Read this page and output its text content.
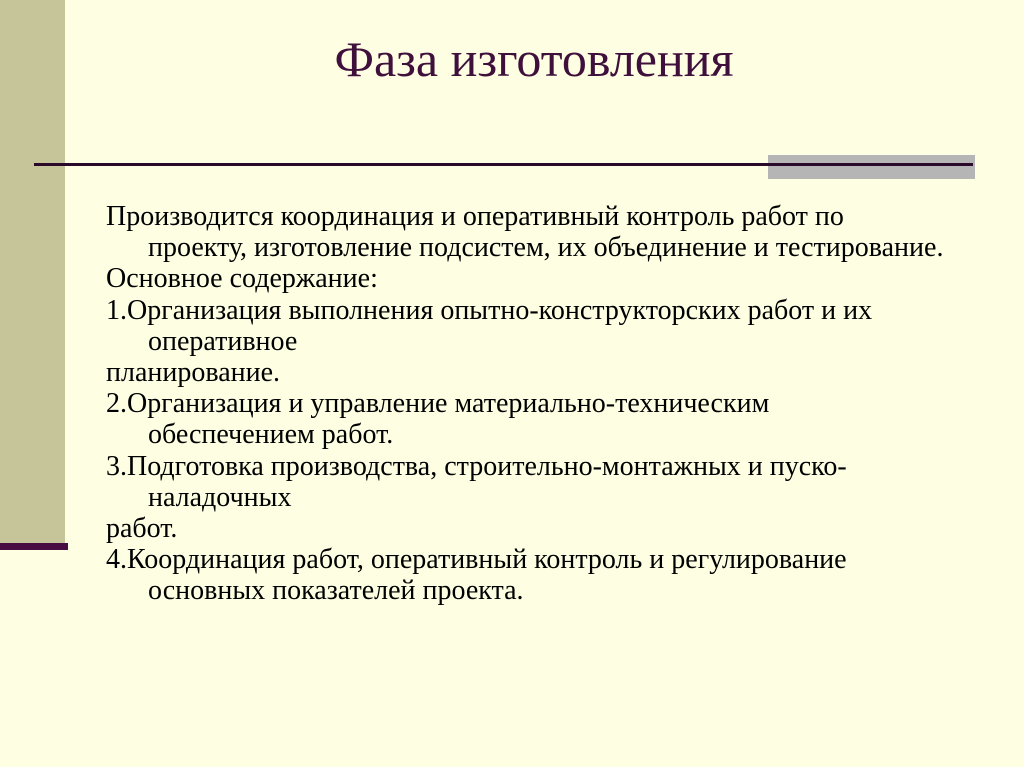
Фаза изготовления
Производится координация и оперативный контроль работ по
проекту, изготовление подсистем, их объединение и тестирование.
Основное содержание:
1.Организация выполнения опытно-конструкторских работ и их
оперативное
планирование.
2.Организация и управление материально-техническим
обеспечением работ.
3.Подготовка производства, строительно-монтажных и пуско-
наладочных
работ.
4.Координация работ, оперативный контроль и регулирование
основных показателей проекта.
